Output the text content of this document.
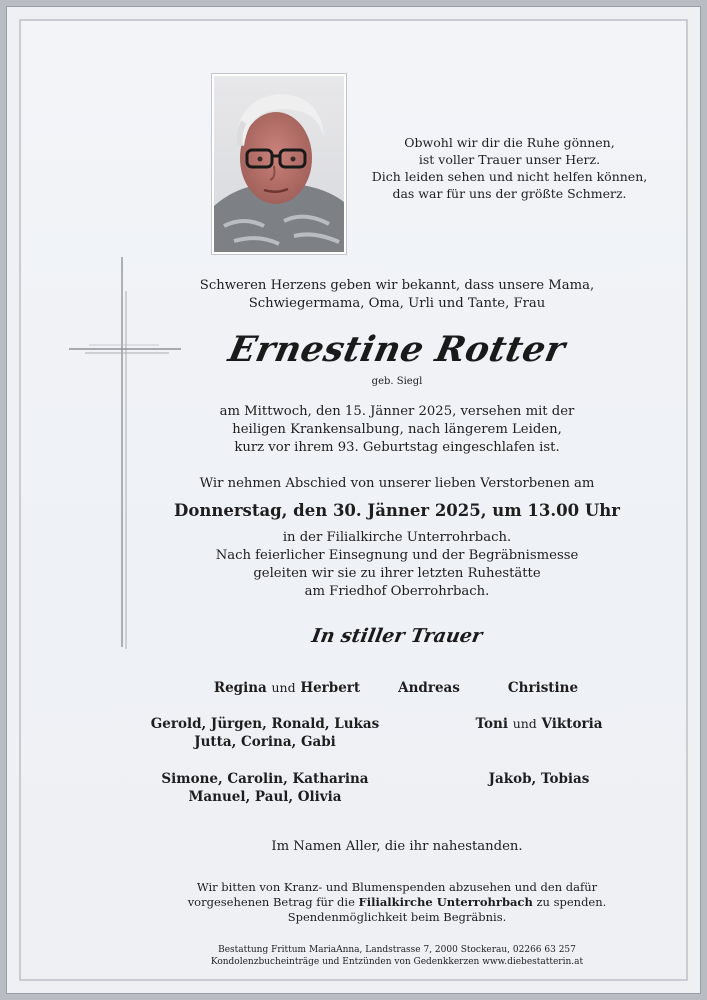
Obwohl wir dir die Ruhe gönnen,
ist voller Trauer unser Herz.
Dich leiden sehen und nicht helfen können,
das war für uns der größte Schmerz.
Schweren Herzens geben wir bekannt, dass unsere Mama,
Schwiegermama, Oma, Urli und Tante, Frau
Ernestine Rotter
geb. Siegl
am Mittwoch, den 15. Jänner 2025, versehen mit der
heiligen Krankensalbung, nach längerem Leiden,
kurz vor ihrem 93. Geburtstag eingeschlafen ist.
Wir nehmen Abschied von unserer lieben Verstorbenen am
Donnerstag, den 30. Jänner 2025, um 13.00 Uhr
in der Filialkirche Unterrohrbach.
Nach feierlicher Einsegnung und der Begräbnismesse
geleiten wir sie zu ihrer letzten Ruhestätte
am Friedhof Oberrohrbach.
In stiller Trauer
Regina und Herbert	Andreas	Christine
Gerold, Jürgen, Ronald, Lukas
Jutta, Corina, Gabi
Toni und Viktoria
Simone, Carolin, Katharina
Manuel, Paul, Olivia
Jakob, Tobias
Im Namen Aller, die ihr nahestanden.
Wir bitten von Kranz- und Blumenspenden abzusehen und den dafür
vorgesehenen Betrag für die Filialkirche Unterrohrbach zu spenden.
Spendenmöglichkeit beim Begräbnis.
Bestattung Frittum MariaAnna, Landstrasse 7, 2000 Stockerau, 02266 63 257
Kondolenzbucheinträge und Entzünden von Gedenkkerzen www.diebestatterin.at
